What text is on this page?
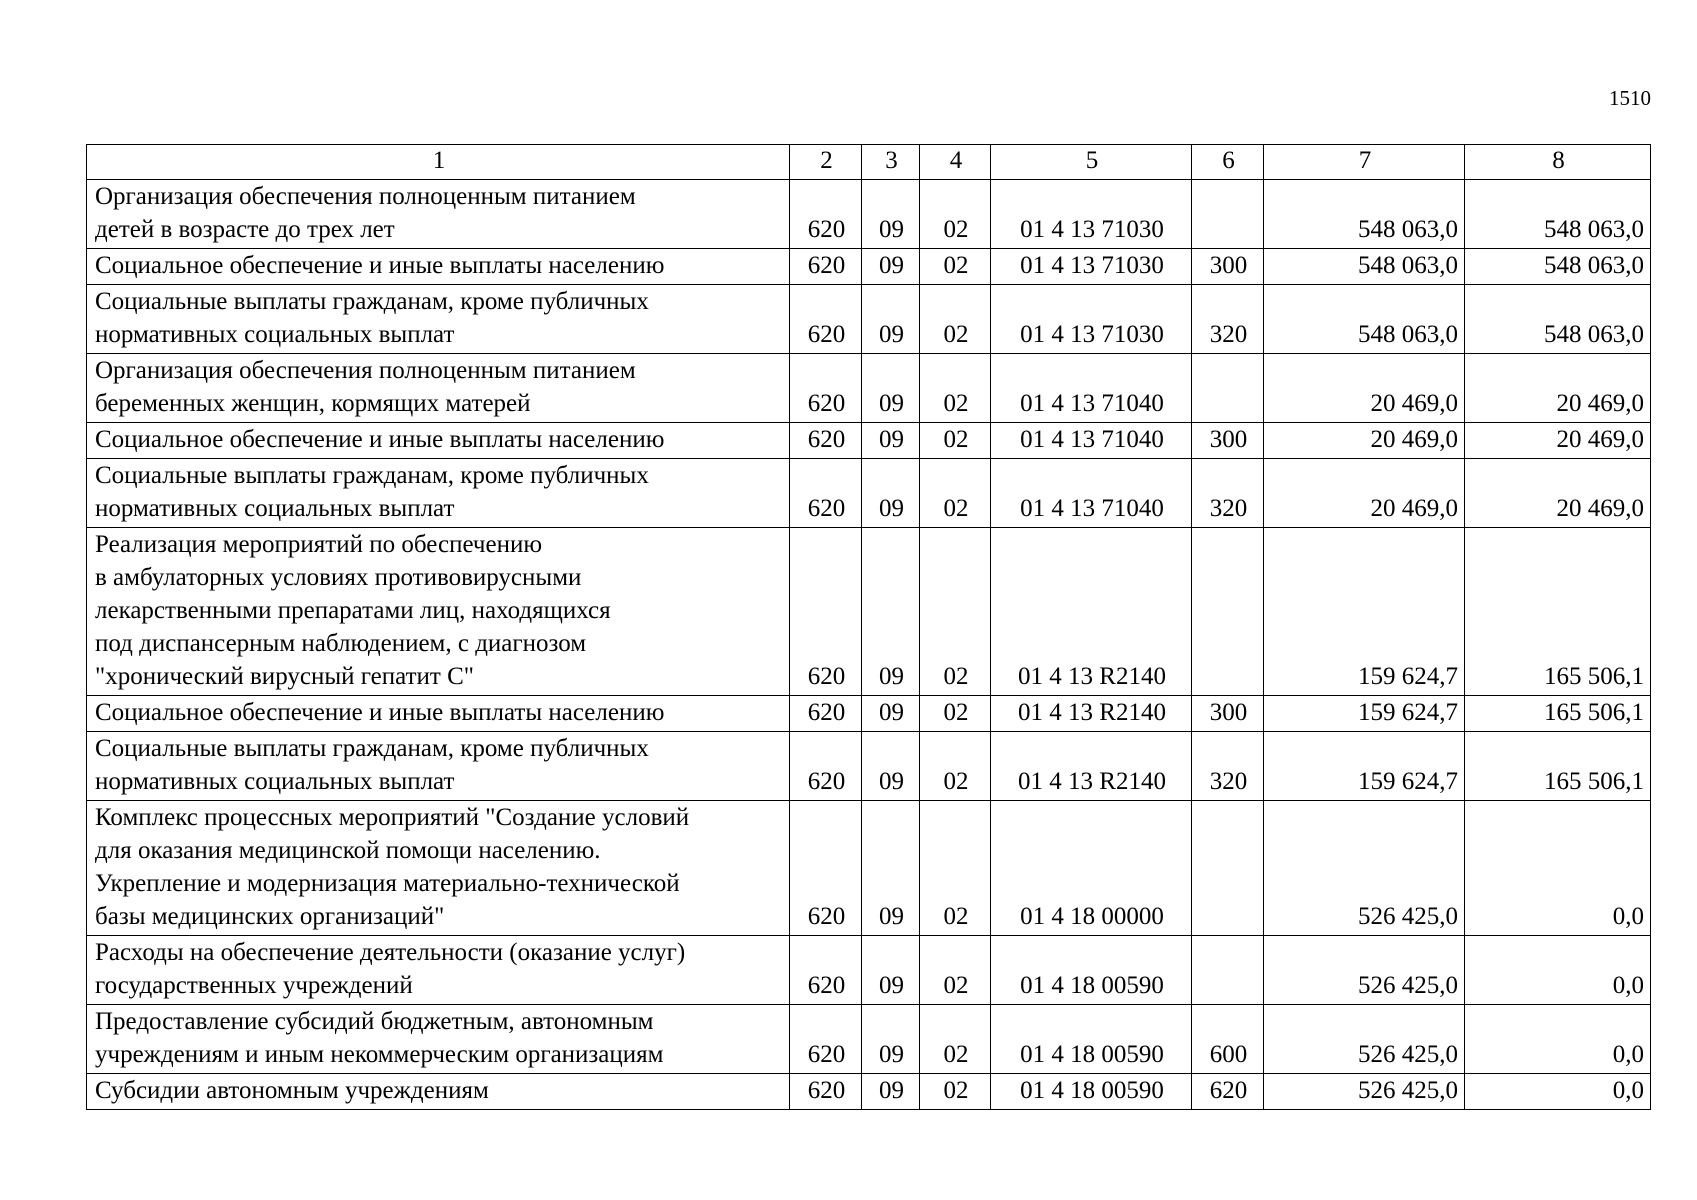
1510
1	2	3	4	5	6	7	8

Организация обеспечения полноценным питанием
детей в возрасте до трех лет	620	09	02	01 4 13 71030		548 063,0	548 063,0

Социальное обеспечение и иные выплаты населению	620	09	02	01 4 13 71030	300	548 063,0	548 063,0

Социальные выплаты гражданам, кроме публичных
нормативных социальных выплат	620	09	02	01 4 13 71030	320	548 063,0	548 063,0

Организация обеспечения полноценным питанием
беременных женщин, кормящих матерей	620	09	02	01 4 13 71040		20 469,0	20 469,0

Социальное обеспечение и иные выплаты населению	620	09	02	01 4 13 71040	300	20 469,0	20 469,0

Социальные выплаты гражданам, кроме публичных
нормативных социальных выплат	620	09	02	01 4 13 71040	320	20 469,0	20 469,0

Реализация мероприятий по обеспечению
в амбулаторных условиях противовирусными
лекарственными препаратами лиц, находящихся
под диспансерным наблюдением, с диагнозом
"хронический вирусный гепатит С"	620	09	02	01 4 13 R2140		159 624,7	165 506,1

Социальное обеспечение и иные выплаты населению	620	09	02	01 4 13 R2140	300	159 624,7	165 506,1

Социальные выплаты гражданам, кроме публичных
нормативных социальных выплат	620	09	02	01 4 13 R2140	320	159 624,7	165 506,1

Комплекс процессных мероприятий "Создание условий
для оказания медицинской помощи населению.
Укрепление и модернизация материально-технической
базы медицинских организаций"	620	09	02	01 4 18 00000		526 425,0	0,0

Расходы на обеспечение деятельности (оказание услуг)
государственных учреждений	620	09	02	01 4 18 00590		526 425,0	0,0

Предоставление субсидий бюджетным, автономным
учреждениям и иным некоммерческим организациям	620	09	02	01 4 18 00590	600	526 425,0	0,0

Субсидии автономным учреждениям	620	09	02	01 4 18 00590	620	526 425,0	0,0
